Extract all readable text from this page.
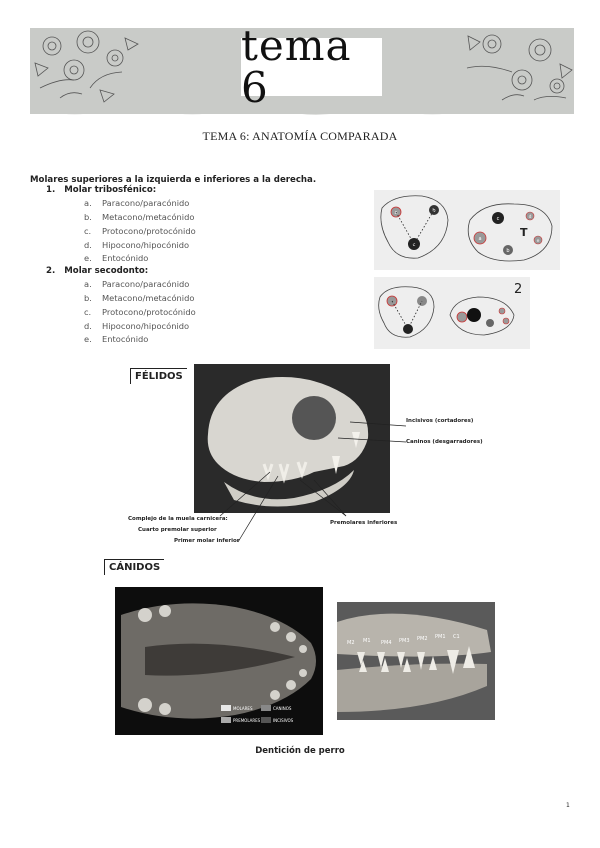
tema 6
TEMA 6: ANATOMÍA COMPARADA
Molares superiores a la izquierda e inferiores a la derecha.
1. Molar tribosfénico:
a. Paracono/paracónido
b. Metacono/metacónido
c. Protocono/protocónido
d. Hipocono/hipocónido
e. Entocónido
2. Molar secodonto:
a. Paracono/paracónido
b. Metacono/metacónido
c. Protocono/protocónido
d. Hipocono/hipocónido
e. Entocónido
a	b
c
a
c
b
d
e
T
2
FÉLIDOS
Incisivos (cortadores)
Caninos (desgarradores)
Complejo de la muela carnicera:
Cuarto premolar superior
Primer molar inferior
Premolares inferiores
CÁNIDOS
MOLARES	CANINOS
PREMOLARES	INCISIVOS
PM4 PM3 PM2 PM1 C1
M1
M2
Dentición de perro
1
